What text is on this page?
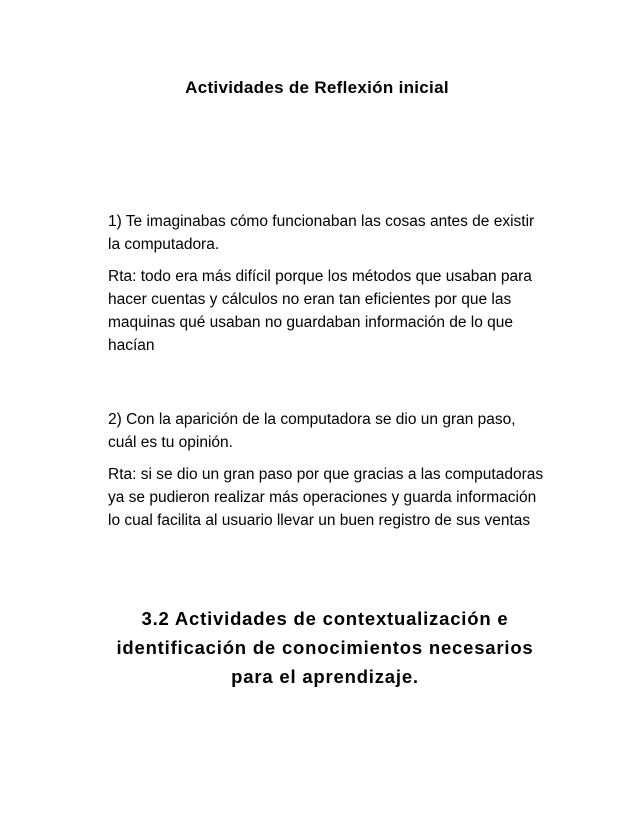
Actividades de Reflexión inicial

1) Te imaginabas cómo funcionaban las cosas antes de existir la computadora.

Rta: todo era más difícil porque los métodos que usaban para hacer cuentas y cálculos no eran tan eficientes por que las maquinas qué usaban no guardaban información de lo que hacían

2) Con la aparición de la computadora se dio un gran paso, cuál es tu opinión.

Rta: si se dio un gran paso por que gracias a las computadoras ya se pudieron realizar más operaciones y guarda información lo cual facilita al usuario llevar un buen registro de sus ventas

3.2 Actividades de contextualización e identificación de conocimientos necesarios para el aprendizaje.
